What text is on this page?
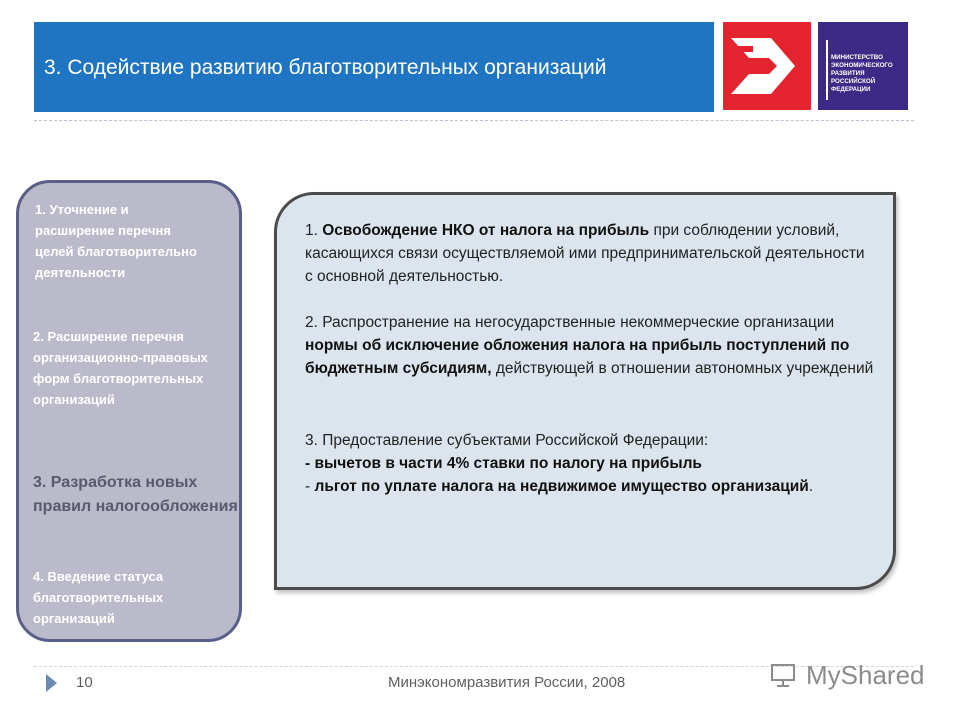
3. Содействие развитию благотворительных организаций	МИНИСТЕРСТВО ЭКОНОМИЧЕСКОГО РАЗВИТИЯ РОССИЙСКОЙ ФЕДЕРАЦИИ
1. Уточнение и расширение перечня целей благотворительно деятельности
2. Расширение перечня организационно-правовых форм благотворительных организаций
3. Разработка новых правил налогообложения
4. Введение статуса благотворительных организаций
1. Освобождение НКО от налога на прибыль при соблюдении условий, касающихся связи осуществляемой ими предпринимательской деятельности с основной деятельностью.
2. Распространение на негосударственные некоммерческие организации нормы об исключение обложения налога на прибыль поступлений по бюджетным субсидиям, действующей в отношении автономных учреждений
3. Предоставление субъектами Российской Федерации:
- вычетов в части 4% ставки по налогу на прибыль
- льгот по уплате налога на недвижимое имущество организаций.
10	Минэкономразвития России, 2008	MyShared
